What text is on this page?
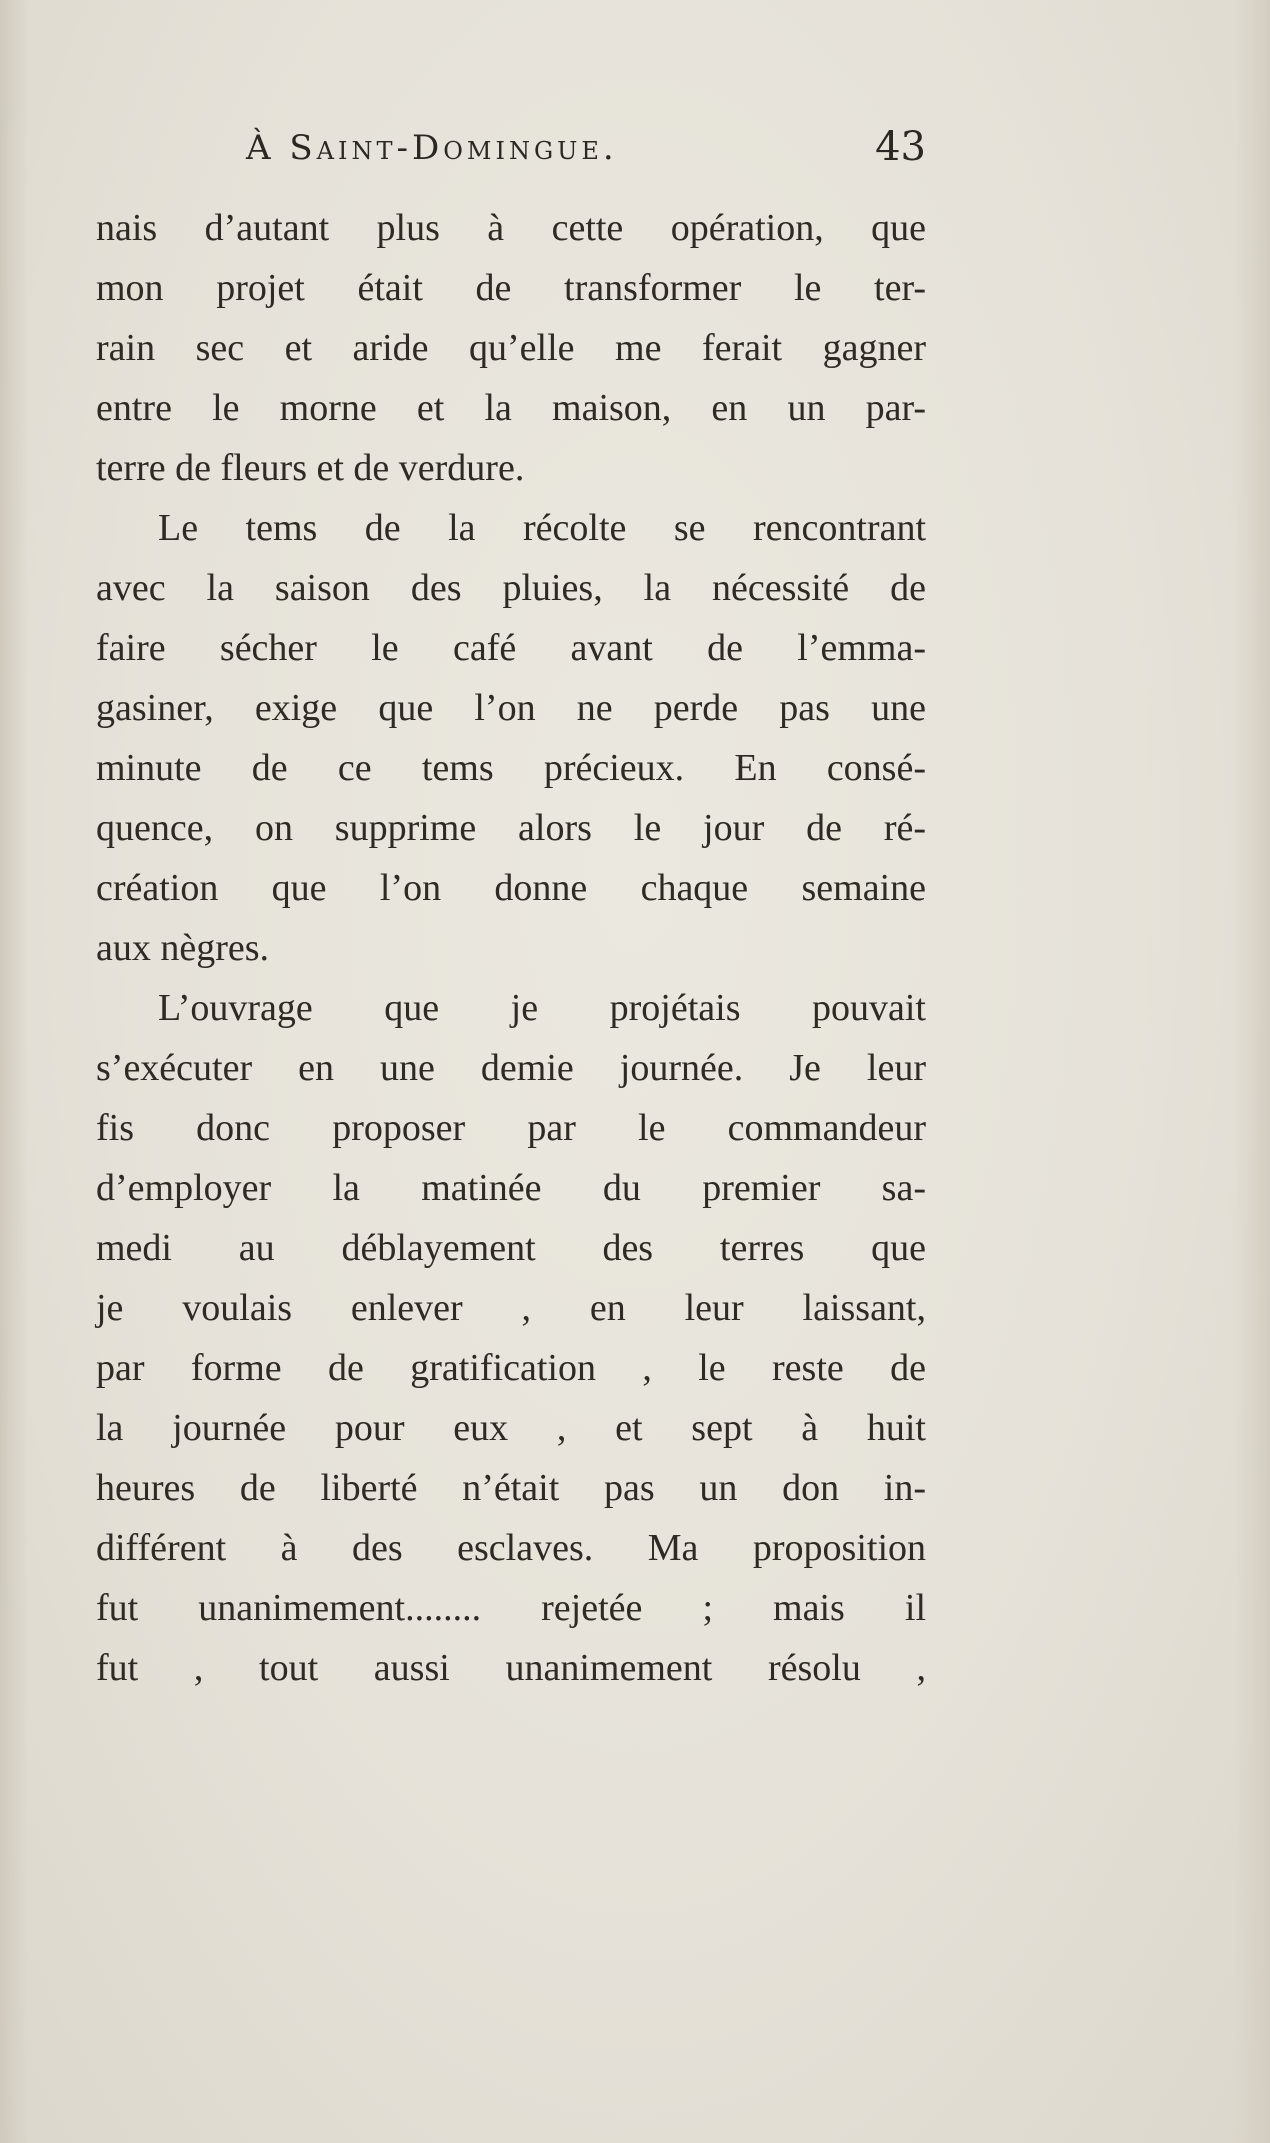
À Saint-Domingue.	43
nais d’autant plus à cette opération, que
mon projet était de transformer le ter-
rain sec et aride qu’elle me ferait gagner
entre le morne et la maison, en un par-
terre de fleurs et de verdure.
Le tems de la récolte se rencontrant
avec la saison des pluies, la nécessité de
faire sécher le café avant de l’emma-
gasiner, exige que l’on ne perde pas une
minute de ce tems précieux. En consé-
quence, on supprime alors le jour de ré-
création que l’on donne chaque semaine
aux nègres.
L’ouvrage que je projétais pouvait
s’exécuter en une demie journée. Je leur
fis donc proposer par le commandeur
d’employer la matinée du premier sa-
medi au déblayement des terres que
je voulais enlever , en leur laissant,
par forme de gratification , le reste de
la journée pour eux , et sept à huit
heures de liberté n’était pas un don in-
différent à des esclaves. Ma proposition
fut unanimement........ rejetée ; mais il
fut , tout aussi unanimement résolu ,
